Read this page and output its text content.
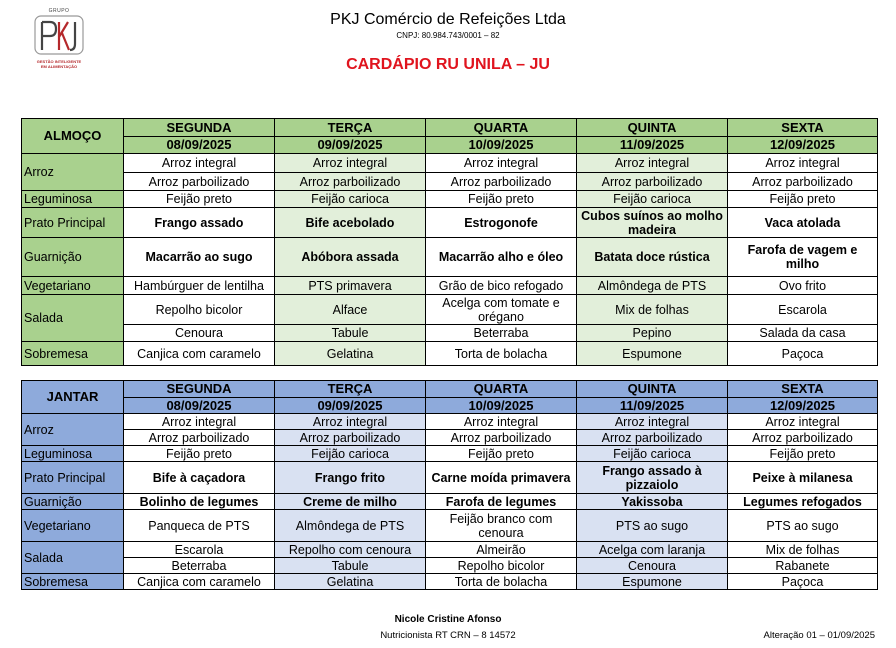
GRUPO
GESTÃO INTELIGENTE
EM ALIMENTAÇÃO
PKJ Comércio de Refeições Ltda
CNPJ: 80.984.743/0001 – 82
CARDÁPIO RU UNILA – JU
ALMOÇO	SEGUNDA	TERÇA	QUARTA	QUINTA	SEXTA
	08/09/2025	09/09/2025	10/09/2025	11/09/2025	12/09/2025
Arroz	Arroz integral	Arroz integral	Arroz integral	Arroz integral	Arroz integral
	Arroz parboilizado	Arroz parboilizado	Arroz parboilizado	Arroz parboilizado	Arroz parboilizado
Leguminosa	Feijão preto	Feijão carioca	Feijão preto	Feijão carioca	Feijão preto
Prato Principal	Frango assado	Bife acebolado	Estrogonofe	Cubos suínos ao molho madeira	Vaca atolada
Guarnição	Macarrão ao sugo	Abóbora assada	Macarrão alho e óleo	Batata doce rústica	Farofa de vagem e milho
Vegetariano	Hambúrguer de lentilha	PTS primavera	Grão de bico refogado	Almôndega de PTS	Ovo frito
Salada	Repolho bicolor	Alface	Acelga com tomate e orégano	Mix de folhas	Escarola
	Cenoura	Tabule	Beterraba	Pepino	Salada da casa
Sobremesa	Canjica com caramelo	Gelatina	Torta de bolacha	Espumone	Paçoca
JANTAR	SEGUNDA	TERÇA	QUARTA	QUINTA	SEXTA
	08/09/2025	09/09/2025	10/09/2025	11/09/2025	12/09/2025
Arroz	Arroz integral	Arroz integral	Arroz integral	Arroz integral	Arroz integral
	Arroz parboilizado	Arroz parboilizado	Arroz parboilizado	Arroz parboilizado	Arroz parboilizado
Leguminosa	Feijão preto	Feijão carioca	Feijão preto	Feijão carioca	Feijão preto
Prato Principal	Bife à caçadora	Frango frito	Carne moída primavera	Frango assado à pizzaiolo	Peixe à milanesa
Guarnição	Bolinho de legumes	Creme de milho	Farofa de legumes	Yakissoba	Legumes refogados
Vegetariano	Panqueca de PTS	Almôndega de PTS	Feijão branco com cenoura	PTS ao sugo	PTS ao sugo
Salada	Escarola	Repolho com cenoura	Almeirão	Acelga com laranja	Mix de folhas
	Beterraba	Tabule	Repolho bicolor	Cenoura	Rabanete
Sobremesa	Canjica com caramelo	Gelatina	Torta de bolacha	Espumone	Paçoca
Nicole Cristine Afonso
Nutricionista RT CRN – 8 14572	Alteração 01 – 01/09/2025
